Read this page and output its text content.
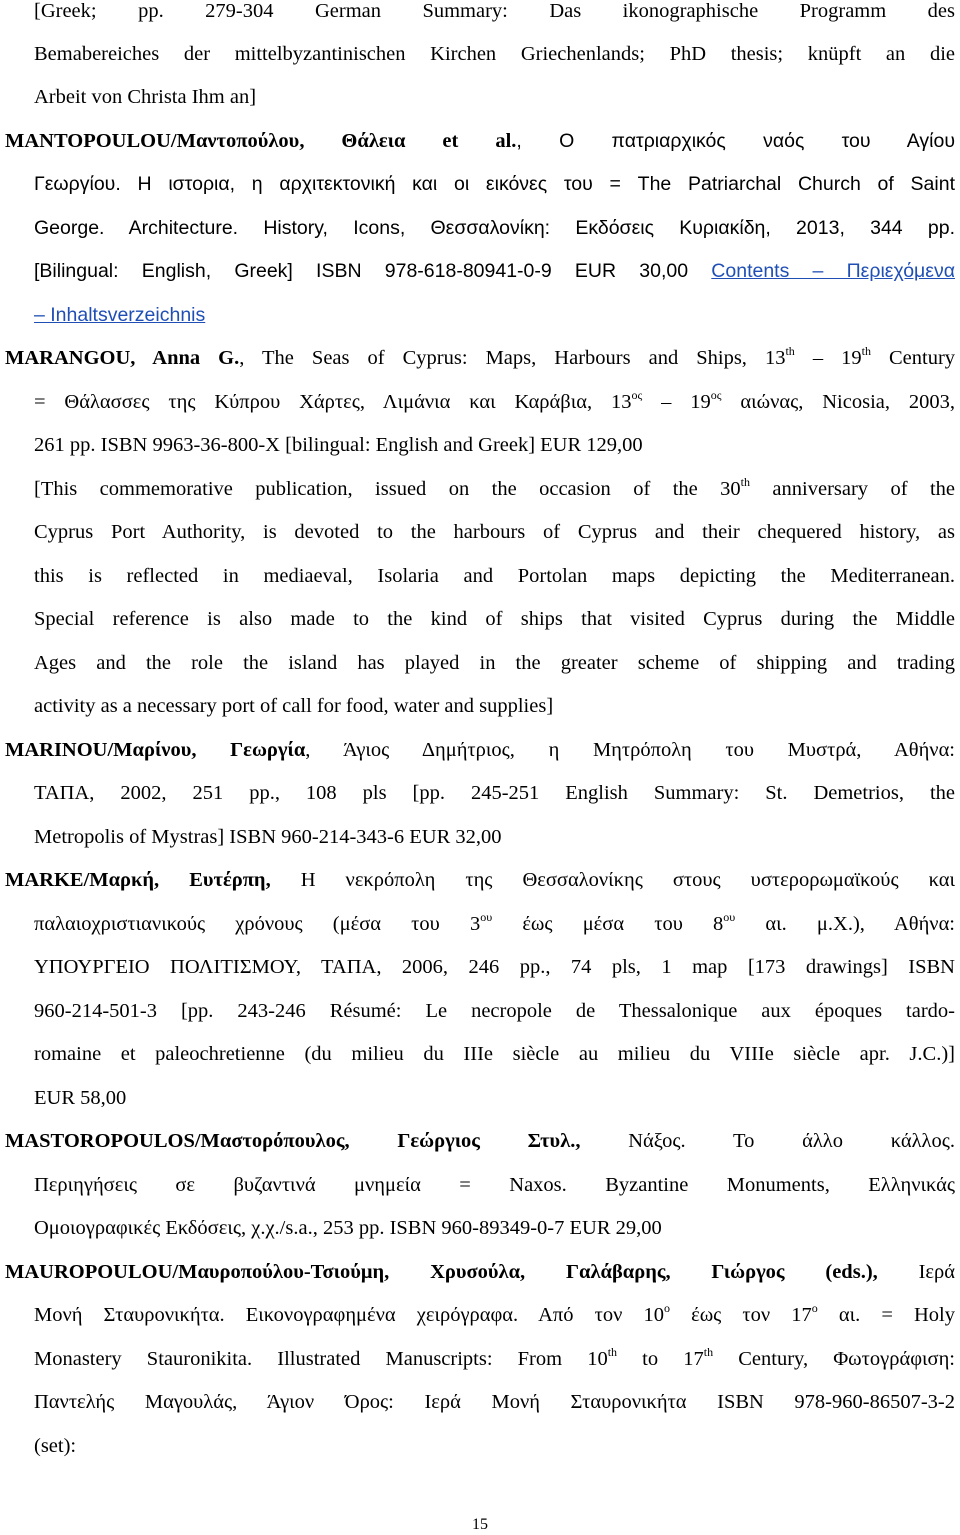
[Greek; pp. 279-304 German Summary: Das ikonographische Programm des
Bemabereiches der mittelbyzantinischen Kirchen Griechenlands; PhD thesis; knüpft an die
Arbeit von Christa Ihm an]
MANTOPOULOU/Μαντοπούλου, Θάλεια et al., Ο πατριαρχικός ναός του Αγίου
Γεωργίου. Η ιστορια, η αρχιτεκτονική και οι εικόνες του = The Patriarchal Church of Saint
George. Architecture. History, Icons, Θεσσαλονίκη: Εκδόσεις Κυριακίδη, 2013, 344 pp.
[Bilingual: English, Greek] ISBN 978-618-80941-0-9 EUR 30,00 Contents – Περιεχόμενα
– Inhaltsverzeichnis
MARANGOU, Anna G., The Seas of Cyprus: Maps, Harbours and Ships, 13th – 19th Century
= Θάλασσες της Κύπρου Χάρτες, Λιμάνια και Καράβια, $13^{o\varsigma} - 19^{o\varsigma}$ αιώνας, Nicosia, 2003,
261 pp. ISBN 9963-36-800-X [bilingual: English and Greek] EUR 129,00
[This commemorative publication, issued on the occasion of the 30th anniversary of the
Cyprus Port Authority, is devoted to the harbours of Cyprus and their chequered history, as
this is reflected in mediaeval, Isolaria and Portolan maps depicting the Mediterranean.
Special reference is also made to the kind of ships that visited Cyprus during the Middle
Ages and the role the island has played in the greater scheme of shipping and trading
activity as a necessary port of call for food, water and supplies]
MARINOU/Μαρίνου, Γεωργία, Άγιος Δημήτριος, η Μητρόπολη του Μυστρά, Αθήνα:
ΤΑΠΑ, 2002, 251 pp., 108 pls [pp. 245-251 English Summary: St. Demetrios, the
Metropolis of Mystras] ISBN 960-214-343-6 EUR 32,00
MARKE/Μαρκή, Ευτέρπη, Η νεκρόπολη της Θεσσαλονίκης στους υστερορωμαϊκούς και
παλαιοχριστιανικούς χρόνους (μέσα του $3^{o\upsilon}$ έως μέσα του $8^{o\upsilon}$ αι. μ.Χ.), Αθήνα:
ΥΠΟΥΡΓΕΙΟ ΠΟΛΙΤΙΣΜΟΥ, ΤΑΠΑ, 2006, 246 pp., 74 pls, 1 map [173 drawings] ISBN
960-214-501-3 [pp. 243-246 Résumé: Le necropole de Thessalonique aux époques tardo-
romaine et paleochretienne (du milieu du IIIe siècle au milieu du VIIIe siècle apr. J.C.)]
EUR 58,00
MASTOROPOULOS/Μαστορόπουλος, Γεώργιος Στυλ., Νάξος. Το άλλο κάλλος.
Περιηγήσεις σε βυζαντινά μνημεία = Naxos. Byzantine Monuments, Ελληνικάς
Ομοιογραφικές Εκδόσεις, χ.χ./s.a., 253 pp. ISBN 960-89349-0-7 EUR 29,00
MAUROPOULOU/Μαυροπούλου-Τσιούμη, Χρυσούλα, Γαλάβαρης, Γιώργος (eds.), Ιερά
Μονή Σταυρονικήτα. Εικονογραφημένα χειρόγραφα. Από τον $10^o$ έως τον $17^o$ αι. = Holy
Monastery Stauronikita. Illustrated Manuscripts: From 10th to 17th Century, Φωτογράφιση:
Παντελής Μαγουλάς, Άγιον Όρος: Ιερά Μονή Σταυρονικήτα ISBN 978-960-86507-3-2
(set):
15
